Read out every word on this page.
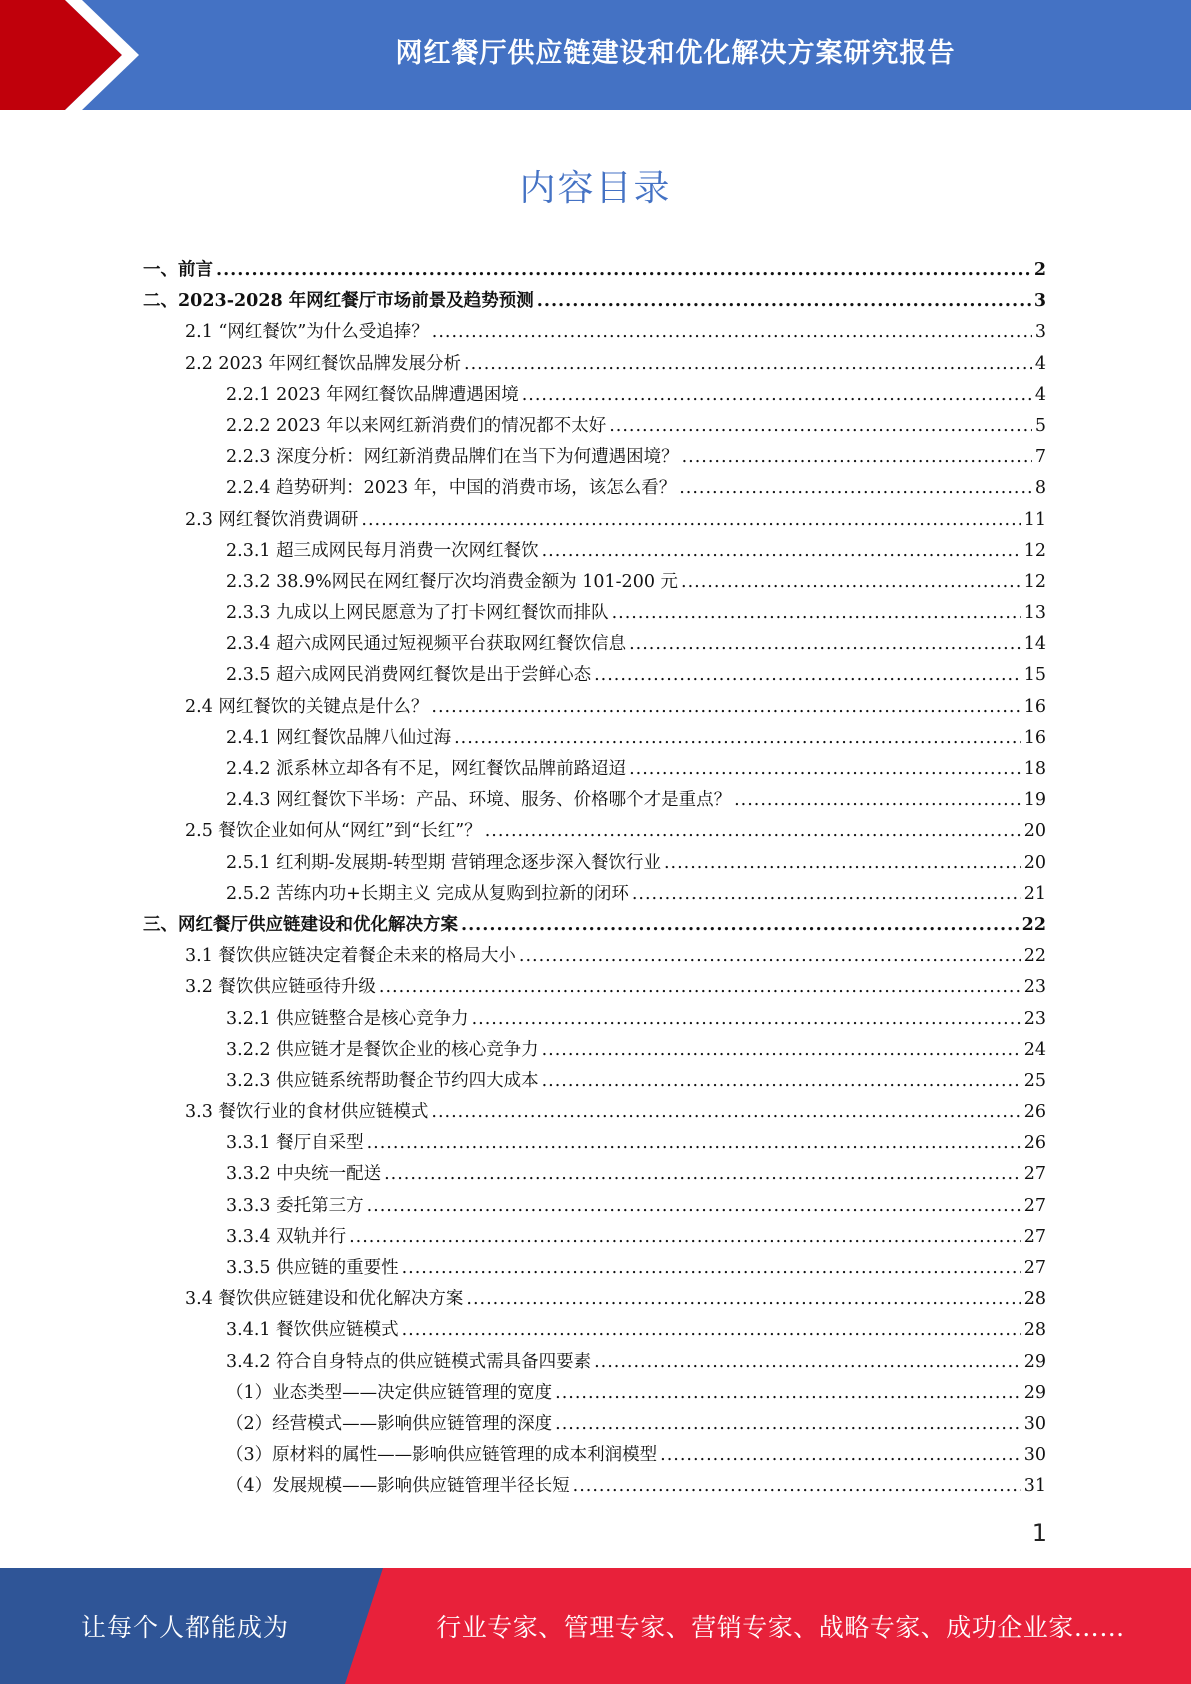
网红餐厅供应链建设和优化解决方案研究报告
内容目录
一、前言 .....	2
二、2023-2028 年网红餐厅市场前景及趋势预测 .....	3
2.1 “网红餐饮”为什么受追捧？ .....	3
2.2 2023 年网红餐饮品牌发展分析 .....	4
2.2.1 2023 年网红餐饮品牌遭遇困境 .....	4
2.2.2 2023 年以来网红新消费们的情况都不太好 .....	5
2.2.3 深度分析：网红新消费品牌们在当下为何遭遇困境？ .....	7
2.2.4 趋势研判：2023 年，中国的消费市场，该怎么看？ .....	8
2.3 网红餐饮消费调研 .....	11
2.3.1 超三成网民每月消费一次网红餐饮 .....	12
2.3.2 38.9%网民在网红餐厅次均消费金额为 101-200 元 .....	12
2.3.3 九成以上网民愿意为了打卡网红餐饮而排队 .....	13
2.3.4 超六成网民通过短视频平台获取网红餐饮信息 .....	14
2.3.5 超六成网民消费网红餐饮是出于尝鲜心态 .....	15
2.4 网红餐饮的关键点是什么？ .....	16
2.4.1 网红餐饮品牌八仙过海 .....	16
2.4.2 派系林立却各有不足，网红餐饮品牌前路迢迢 .....	18
2.4.3 网红餐饮下半场：产品、环境、服务、价格哪个才是重点？ .....	19
2.5 餐饮企业如何从“网红”到“长红”？ .....	20
2.5.1 红利期-发展期-转型期 营销理念逐步深入餐饮行业 .....	20
2.5.2 苦练内功+长期主义 完成从复购到拉新的闭环 .....	21
三、网红餐厅供应链建设和优化解决方案 .....	22
3.1 餐饮供应链决定着餐企未来的格局大小 .....	22
3.2 餐饮供应链亟待升级 .....	23
3.2.1 供应链整合是核心竞争力 .....	23
3.2.2 供应链才是餐饮企业的核心竞争力 .....	24
3.2.3 供应链系统帮助餐企节约四大成本 .....	25
3.3 餐饮行业的食材供应链模式 .....	26
3.3.1 餐厅自采型 .....	26
3.3.2 中央统一配送 .....	27
3.3.3 委托第三方 .....	27
3.3.4 双轨并行 .....	27
3.3.5 供应链的重要性 .....	27
3.4 餐饮供应链建设和优化解决方案 .....	28
3.4.1 餐饮供应链模式 .....	28
3.4.2 符合自身特点的供应链模式需具备四要素 .....	29
（1）业态类型——决定供应链管理的宽度 .....	29
（2）经营模式——影响供应链管理的深度 .....	30
（3）原材料的属性——影响供应链管理的成本利润模型 .....	30
（4）发展规模——影响供应链管理半径长短 .....	31
1
让每个人都能成为	行业专家、管理专家、营销专家、战略专家、成功企业家……
